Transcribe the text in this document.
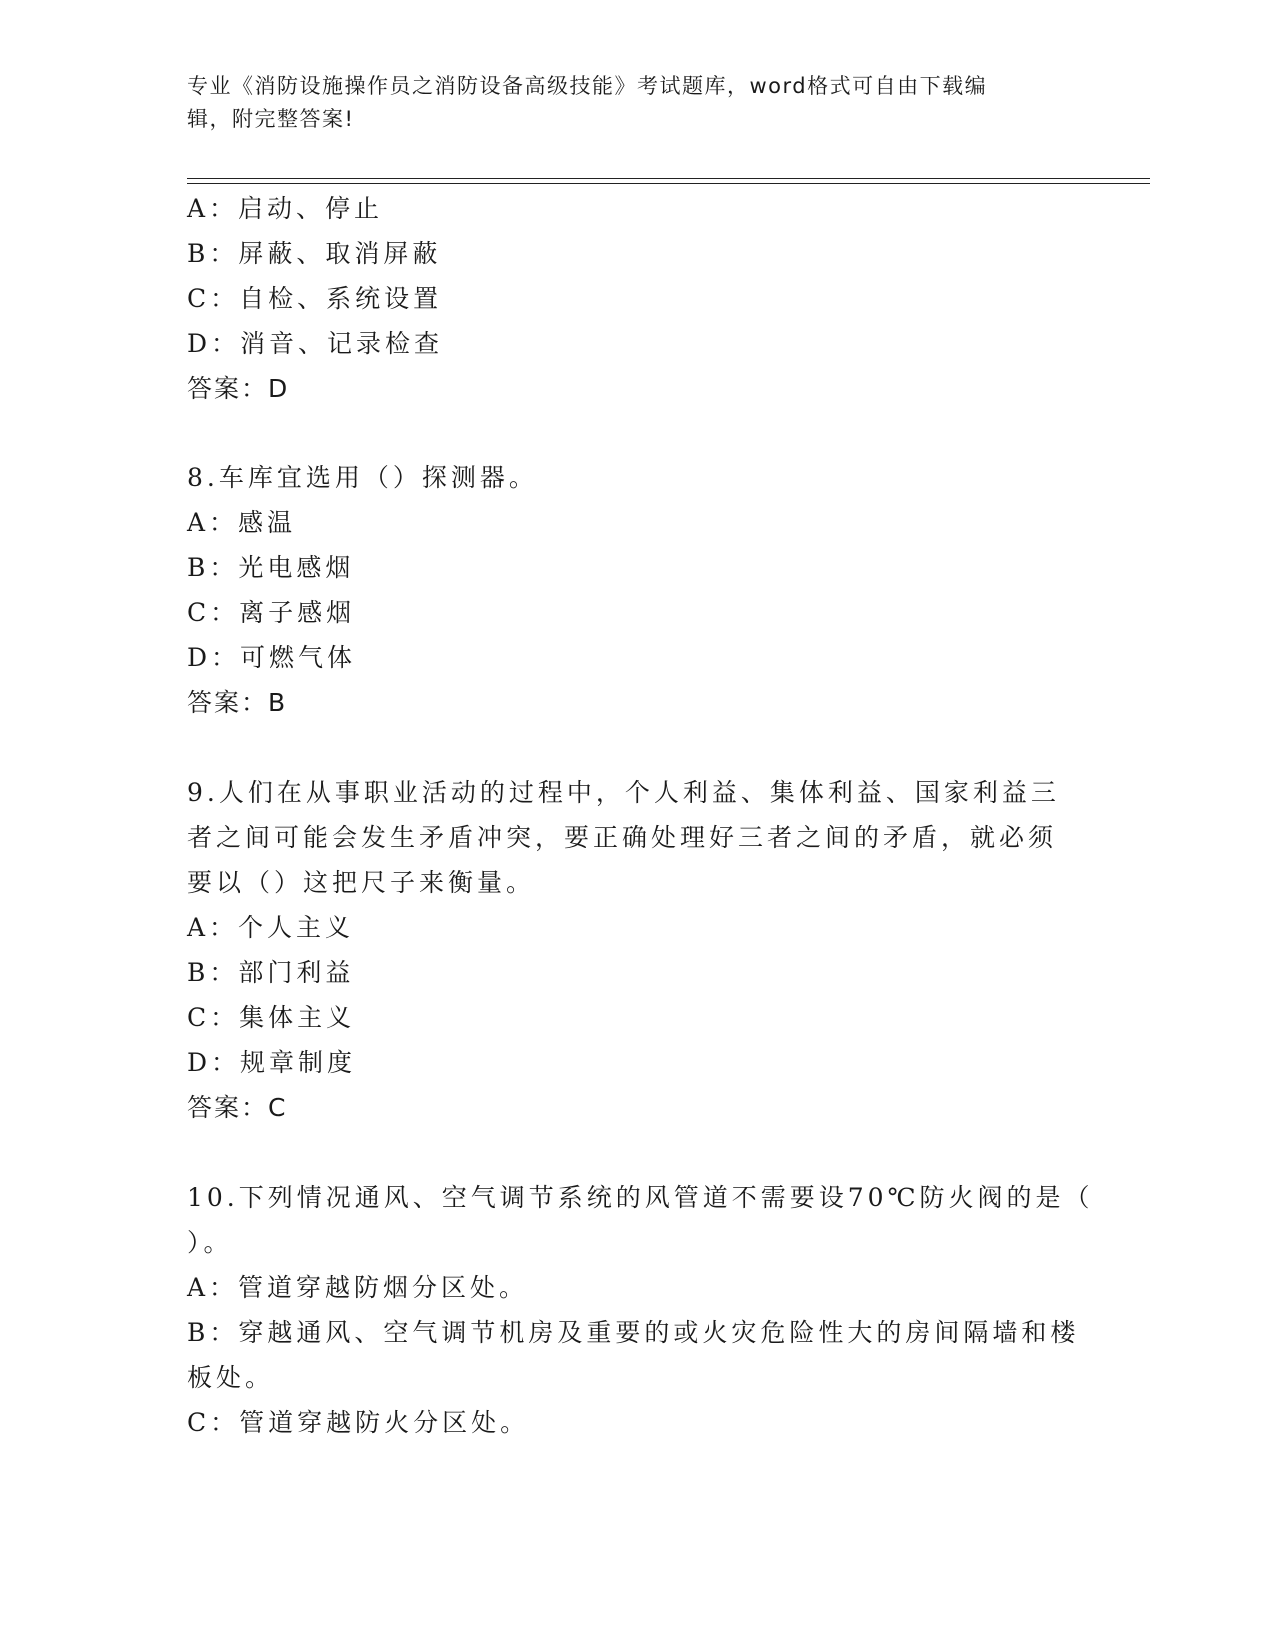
专业《消防设施操作员之消防设备高级技能》考试题库，word格式可自由下载编
辑，附完整答案!
A：启动、停止
B：屏蔽、取消屏蔽
C：自检、系统设置
D：消音、记录检查
答案：D
8.车库宜选用（）探测器。
A：感温
B：光电感烟
C：离子感烟
D：可燃气体
答案：B
9.人们在从事职业活动的过程中，个人利益、集体利益、国家利益三
者之间可能会发生矛盾冲突，要正确处理好三者之间的矛盾，就必须
要以（）这把尺子来衡量。
A：个人主义
B：部门利益
C：集体主义
D：规章制度
答案：C
10.下列情况通风、空气调节系统的风管道不需要设70℃防火阀的是（
）。
A：管道穿越防烟分区处。
B：穿越通风、空气调节机房及重要的或火灾危险性大的房间隔墙和楼
板处。
C：管道穿越防火分区处。
